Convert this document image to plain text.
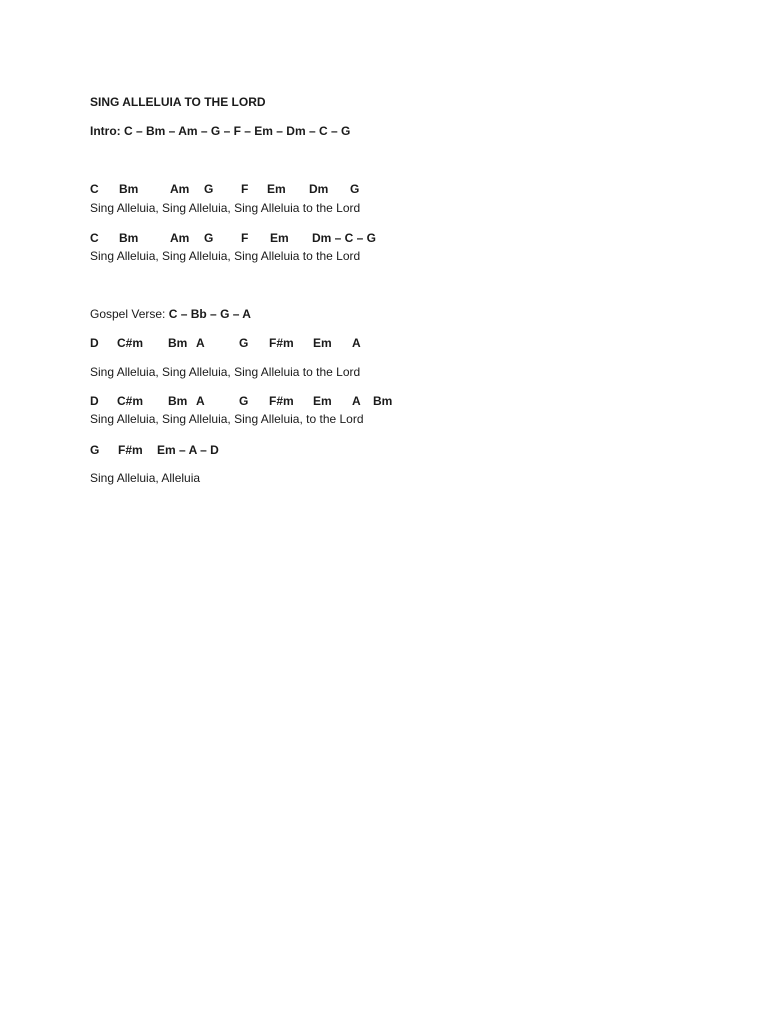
SING ALLELUIA TO THE LORD
Intro: C – Bm – Am – G – F – Em – Dm – C – G
C Bm	Am G F Em Dm G
Sing Alleluia, Sing Alleluia, Sing Alleluia to the Lord
C Bm	Am G F Em Dm – C – G
Sing Alleluia, Sing Alleluia, Sing Alleluia to the Lord
Gospel Verse: C – Bb – G – A
D C#m Bm A	G F#m Em A
Sing Alleluia, Sing Alleluia, Sing Alleluia to the Lord
D C#m Bm A	G F#m Em A Bm
Sing Alleluia, Sing Alleluia, Sing Alleluia, to the Lord
G F#m Em – A – D
Sing Alleluia, Alleluia
